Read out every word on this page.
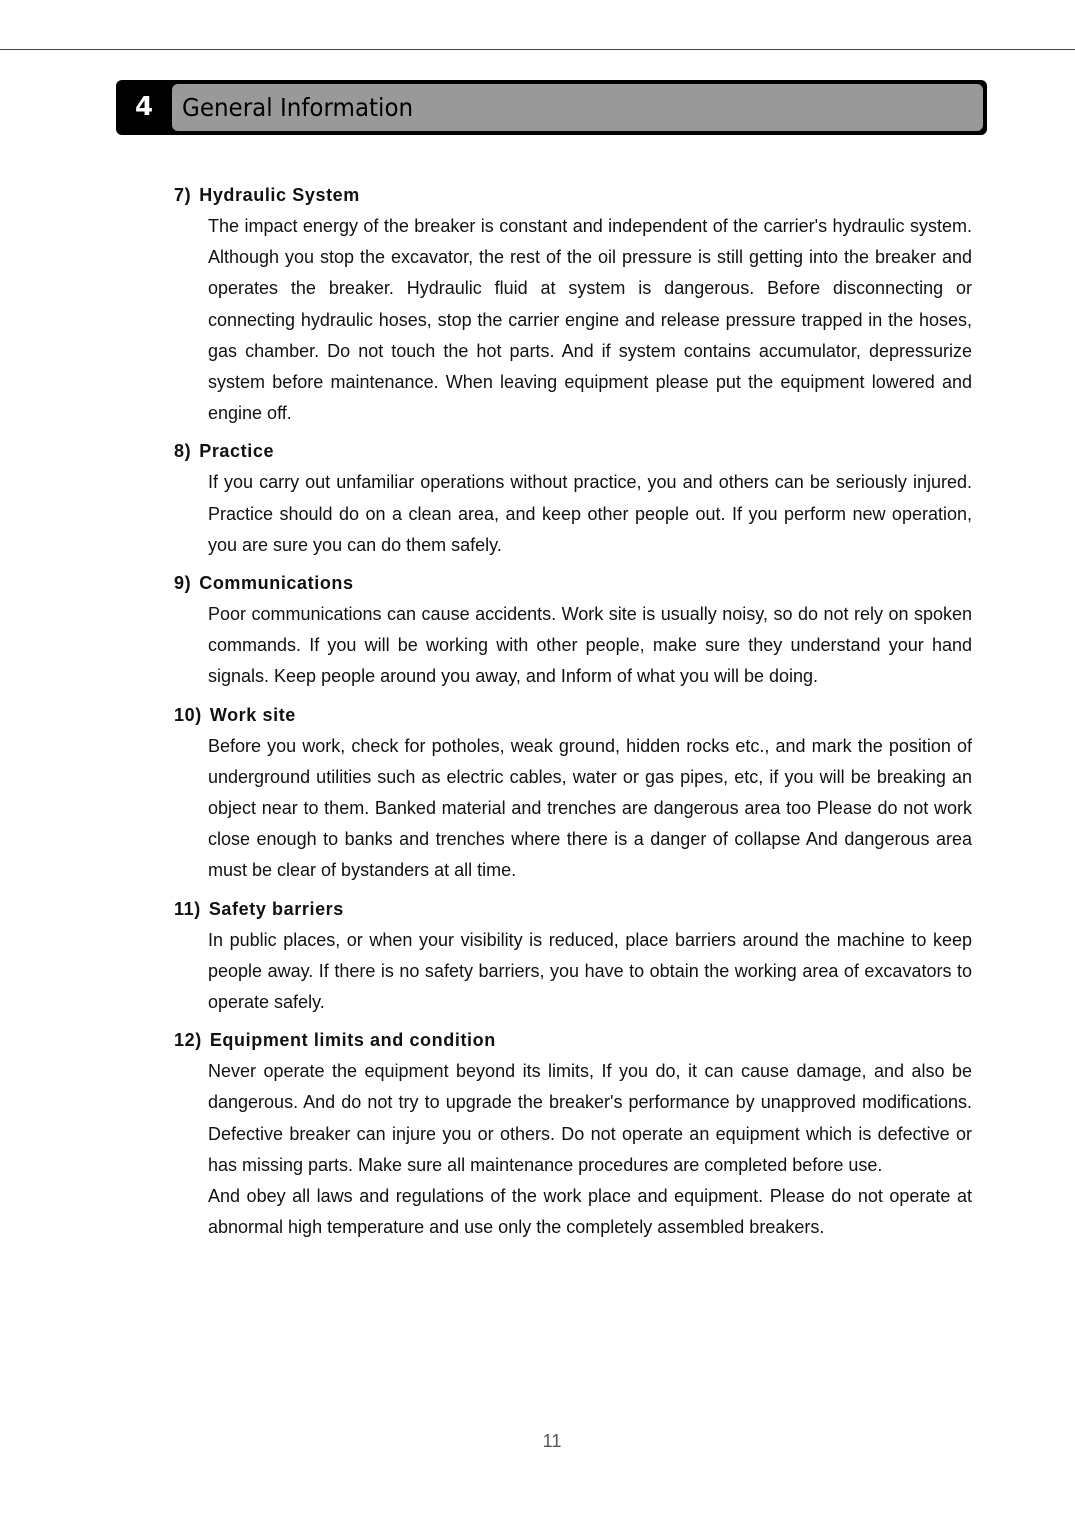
4	General Information
7) Hydraulic System

The impact energy of the breaker is constant and independent of the carrier's hydraulic system. Although you stop the excavator, the rest of the oil pressure is still getting into the breaker and operates the breaker. Hydraulic fluid at system is dangerous. Before disconnecting or connecting hydraulic hoses, stop the carrier engine and release pressure trapped in the hoses, gas chamber. Do not touch the hot parts. And if system contains accumulator, depressurize system before maintenance. When leaving equipment please put the equipment lowered and engine off.

8) Practice

If you carry out unfamiliar operations without practice, you and others can be seriously injured. Practice should do on a clean area, and keep other people out. If you perform new operation, you are sure you can do them safely.

9) Communications

Poor communications can cause accidents. Work site is usually noisy, so do not rely on spoken commands. If you will be working with other people, make sure they understand your hand signals. Keep people around you away, and Inform of what you will be doing.

10) Work site

Before you work, check for potholes, weak ground, hidden rocks etc., and mark the position of underground utilities such as electric cables, water or gas pipes, etc, if you will be breaking an object near to them. Banked material and trenches are dangerous area too Please do not work close enough to banks and trenches where there is a danger of collapse And dangerous area must be clear of bystanders at all time.

11) Safety barriers

In public places, or when your visibility is reduced, place barriers around the machine to keep people away. If there is no safety barriers, you have to obtain the working area of excavators to operate safely.

12) Equipment limits and condition

Never operate the equipment beyond its limits, If you do, it can cause damage, and also be dangerous. And do not try to upgrade the breaker's performance by unapproved modifications. Defective breaker can injure you or others. Do not operate an equipment which is defective or has missing parts. Make sure all maintenance procedures are completed before use.

And obey all laws and regulations of the work place and equipment. Please do not operate at abnormal high temperature and use only the completely assembled breakers.

11
